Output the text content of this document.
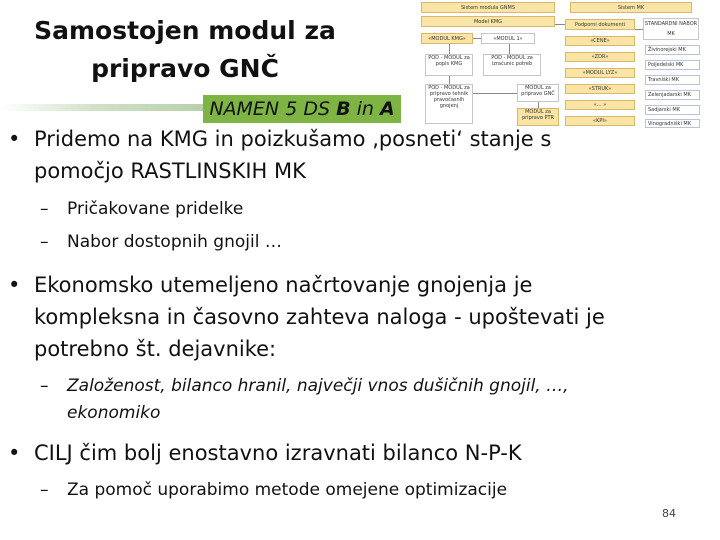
Samostojen modul za
pripravo GNČ
NAMEN 5 DS B in A
Sistem modula GNMS	Sistem MK
Model KMG	Podporni dokumenti	STANDARDNI NABOR MK
«MODUL KMG»	«MODUL 1»	«CENE»
Živinorejski MK
POD - MODUL za popis KMG
POD - MODUL za izračunic potreb
«ZDR»
Poljedelski MK
«MODUL LYZ»
Travniški MK
POD - MODUL za pripravo tehnik pravočasnih gnojenj
MODUL za pripravo GNČ
«STRUK»
Zelenjadarski MK
MODUL za pripravo PTR
«… »
Sadjarski MK
«KPI»	Vinogradniški MK
• Pridemo na KMG in poizkušamo ‚posneti‘ stanje s
pomočjo RASTLINSKIH MK
– Pričakovane pridelke
– Nabor dostopnih gnojil …
• Ekonomsko utemeljeno načrtovanje gnojenja je
kompleksna in časovno zahteva naloga - upoštevati je
potrebno št. dejavnike:
– Založenost, bilanco hranil, največji vnos dušičnih gnojil, …,
ekonomiko
• CILJ čim bolj enostavno izravnati bilanco N-P-K
– Za pomoč uporabimo metode omejene optimizacije
84
